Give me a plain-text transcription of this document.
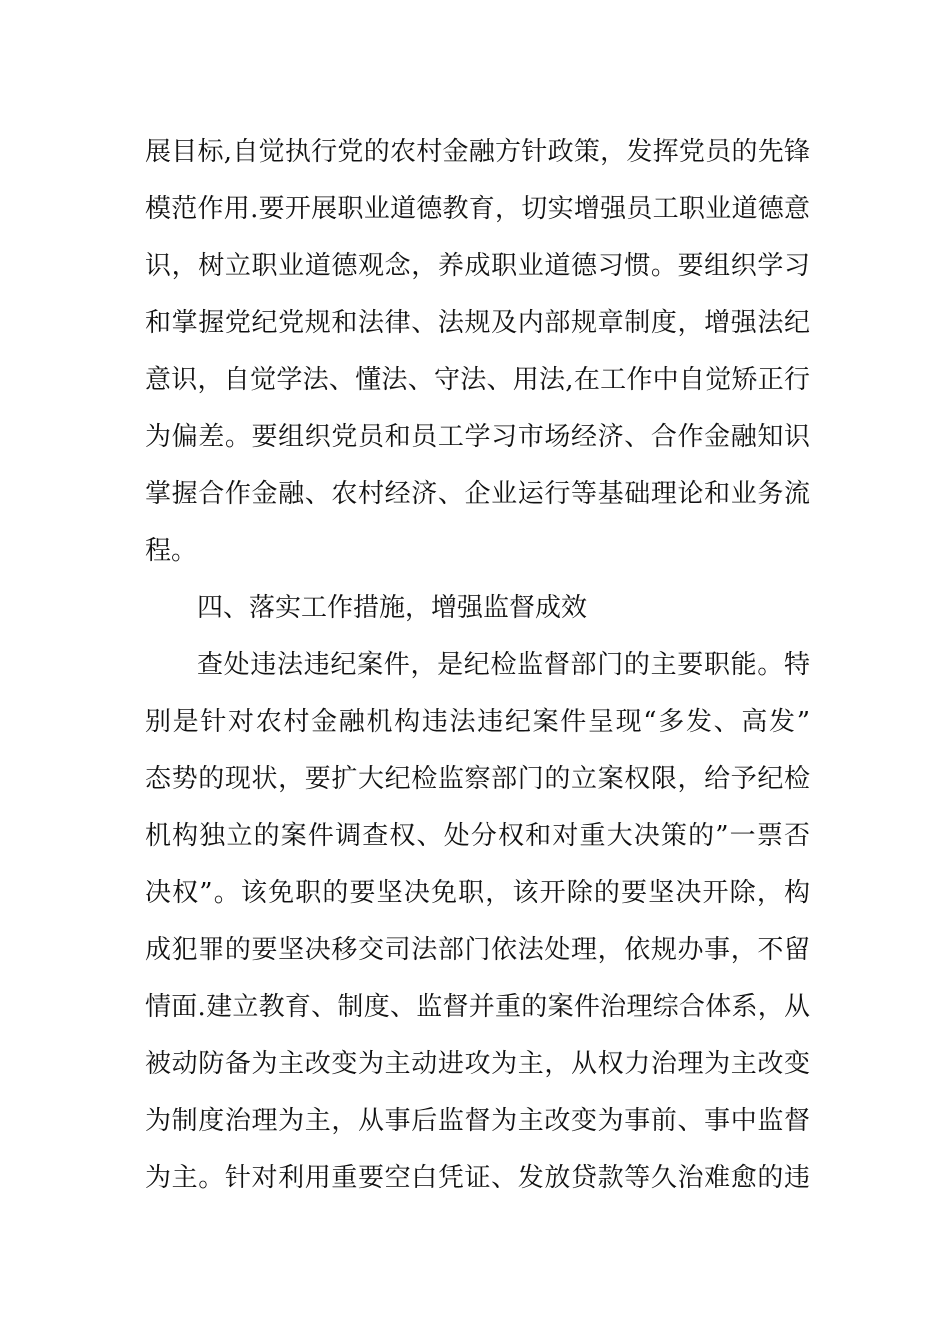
展目标,自觉执行党的农村金融方针政策，发挥党员的先锋
模范作用.要开展职业道德教育，切实增强员工职业道德意
识，树立职业道德观念，养成职业道德习惯。要组织学习
和掌握党纪党规和法律、法规及内部规章制度，增强法纪
意识，自觉学法、懂法、守法、用法,在工作中自觉矫正行
为偏差。要组织党员和员工学习市场经济、合作金融知识
掌握合作金融、农村经济、企业运行等基础理论和业务流
程。
四、落实工作措施，增强监督成效
查处违法违纪案件，是纪检监督部门的主要职能。特
别是针对农村金融机构违法违纪案件呈现“多发、高发”
态势的现状，要扩大纪检监察部门的立案权限，给予纪检
机构独立的案件调查权、处分权和对重大决策的”一票否
决权”。该免职的要坚决免职，该开除的要坚决开除，构
成犯罪的要坚决移交司法部门依法处理，依规办事，不留
情面.建立教育、制度、监督并重的案件治理综合体系，从
被动防备为主改变为主动进攻为主，从权力治理为主改变
为制度治理为主，从事后监督为主改变为事前、事中监督
为主。针对利用重要空白凭证、发放贷款等久治难愈的违
